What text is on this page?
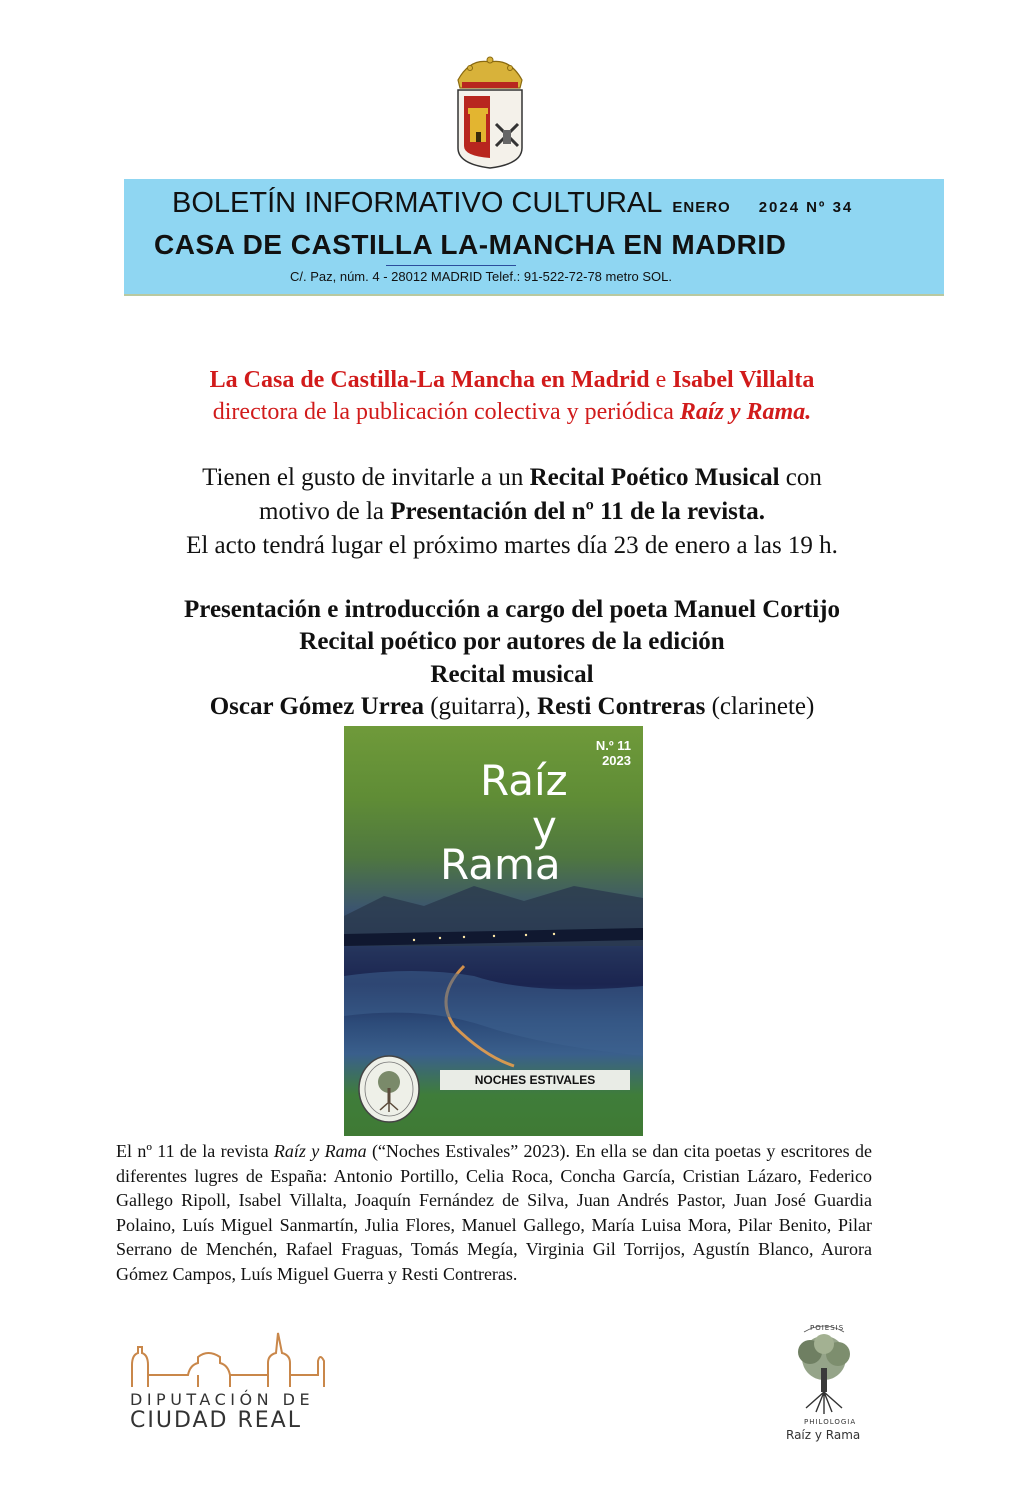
BOLETÍN INFORMATIVO CULTURAL ENERO 2024 Nº 34
CASA DE CASTILLA LA-MANCHA EN MADRID
C/. Paz, núm. 4 - 28012 MADRID Telef.: 91-522-72-78 metro SOL.
La Casa de Castilla-La Mancha en Madrid e Isabel Villalta
directora de la publicación colectiva y periódica Raíz y Rama.
Tienen el gusto de invitarle a un Recital Poético Musical con
motivo de la Presentación del nº 11 de la revista.
El acto tendrá lugar el próximo martes día 23 de enero a las 19 h.
Presentación e introducción a cargo del poeta Manuel Cortijo
Recital poético por autores de la edición
Recital musical
Oscar Gómez Urrea (guitarra), Resti Contreras (clarinete)
N.º 11
2023
Raíz
y
Rama
NOCHES ESTIVALES
El nº 11 de la revista Raíz y Rama (“Noches Estivales” 2023). En ella se dan cita poetas y escritores de diferentes lugres de España: Antonio Portillo, Celia Roca, Concha García, Cristian Lázaro, Federico Gallego Ripoll, Isabel Villalta, Joaquín Fernández de Silva, Juan Andrés Pastor, Juan José Guardia Polaino, Luís Miguel Sanmartín, Julia Flores, Manuel Gallego, María Luisa Mora, Pilar Benito, Pilar Serrano de Menchén, Rafael Fraguas, Tomás Megía, Virginia Gil Torrijos, Agustín Blanco, Aurora Gómez Campos, Luís Miguel Guerra y Resti Contreras.
DIPUTACIÓN DE
CIUDAD REAL
POIESIS
PHILOLOGIA
Raíz y Rama
